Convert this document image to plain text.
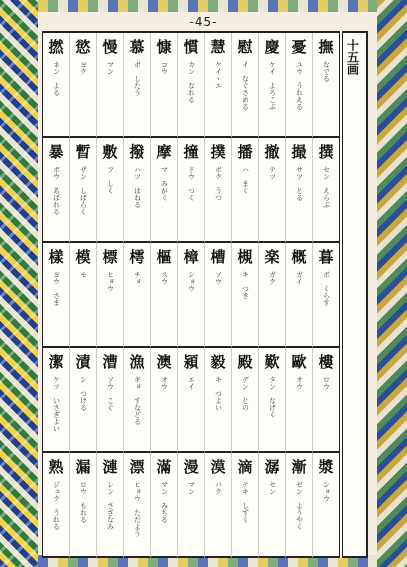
-45-
撚
ネン　よる
慾
ヨク
慢
マン
慕
ボ　したう
慷
コウ
慣
カン　なれる
慧
ケイ・エ
慰
イ　なぐさめる
慶
ケイ　よろこぶ
憂
ユウ　うれえる
撫
なでる
暴
ボウ　あばれる
暫
ザン　しばらく
敷
フ　しく
撥
ハツ　はねる
摩
マ　みがく
撞
ドウ　つく
撲
ボク　うつ
播
ハ　まく
撤
テツ
撮
サツ　とる
撰
セン　えらぶ
樣
ヨウ　さま
模
モ
標
ヒョウ
樗
チョ
樞
スウ
樟
ショウ
槽
ソウ
槻
キ　つき
楽
ガク
概
ガイ
暮
ボ　くらす
潔
ケツ　いさぎよい
漬
シ　つける
漕
ソウ　こぐ
漁
ギョ　すなどる
澳
オウ
潁
エイ
毅
キ　つよい
殿
デン　との
歎
タン　なげく
歐
オウ
樓
ロウ
熟
ジュク　うれる
漏
ロウ　もれる
漣
レン　さざなみ
漂
ヒョウ　ただよう
滿
マン　みちる
漫
マン
漠
バク
滴
テキ　しずく
潺
セン
漸
ゼン　ようやく
漿
ショウ
十五画
